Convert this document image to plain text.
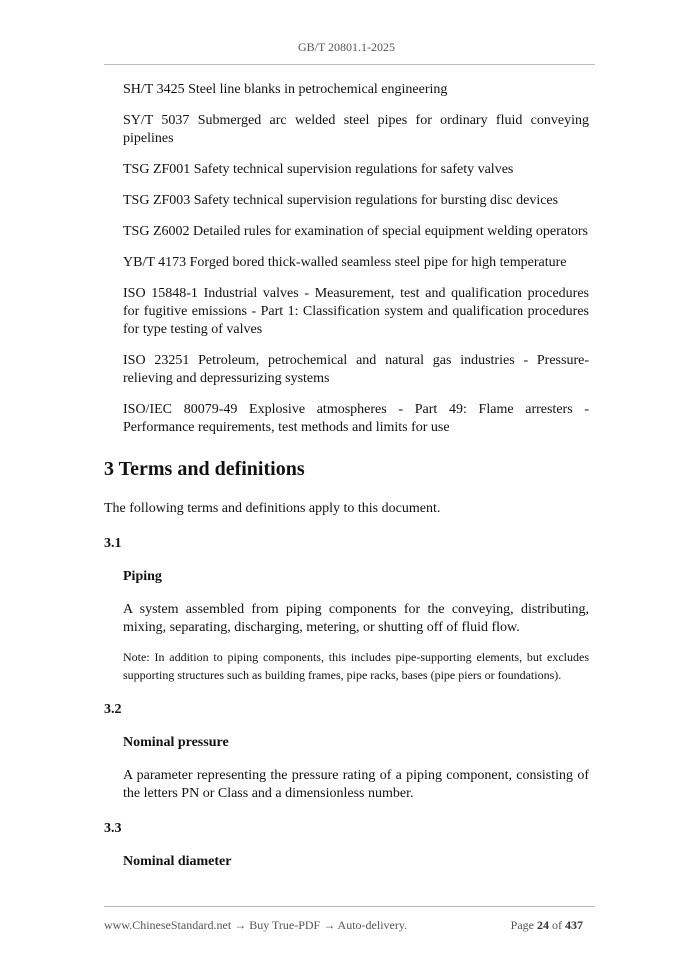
GB/T 20801.1-2025

SH/T 3425 Steel line blanks in petrochemical engineering

SY/T 5037 Submerged arc welded steel pipes for ordinary fluid conveying pipelines

TSG ZF001 Safety technical supervision regulations for safety valves

TSG ZF003 Safety technical supervision regulations for bursting disc devices

TSG Z6002 Detailed rules for examination of special equipment welding operators

YB/T 4173 Forged bored thick-walled seamless steel pipe for high temperature

ISO 15848-1 Industrial valves - Measurement, test and qualification procedures for fugitive emissions - Part 1: Classification system and qualification procedures for type testing of valves

ISO 23251 Petroleum, petrochemical and natural gas industries - Pressure-relieving and depressurizing systems

ISO/IEC 80079-49 Explosive atmospheres - Part 49: Flame arresters - Performance requirements, test methods and limits for use

3 Terms and definitions
The following terms and definitions apply to this document.
3.1
Piping
A system assembled from piping components for the conveying, distributing, mixing, separating, discharging, metering, or shutting off of fluid flow.
Note: In addition to piping components, this includes pipe-supporting elements, but excludes supporting structures such as building frames, pipe racks, bases (pipe piers or foundations).
3.2
Nominal pressure
A parameter representing the pressure rating of a piping component, consisting of the letters PN or Class and a dimensionless number.
3.3
Nominal diameter
www.ChineseStandard.net → Buy True-PDF → Auto-delivery.	Page 24 of 437
